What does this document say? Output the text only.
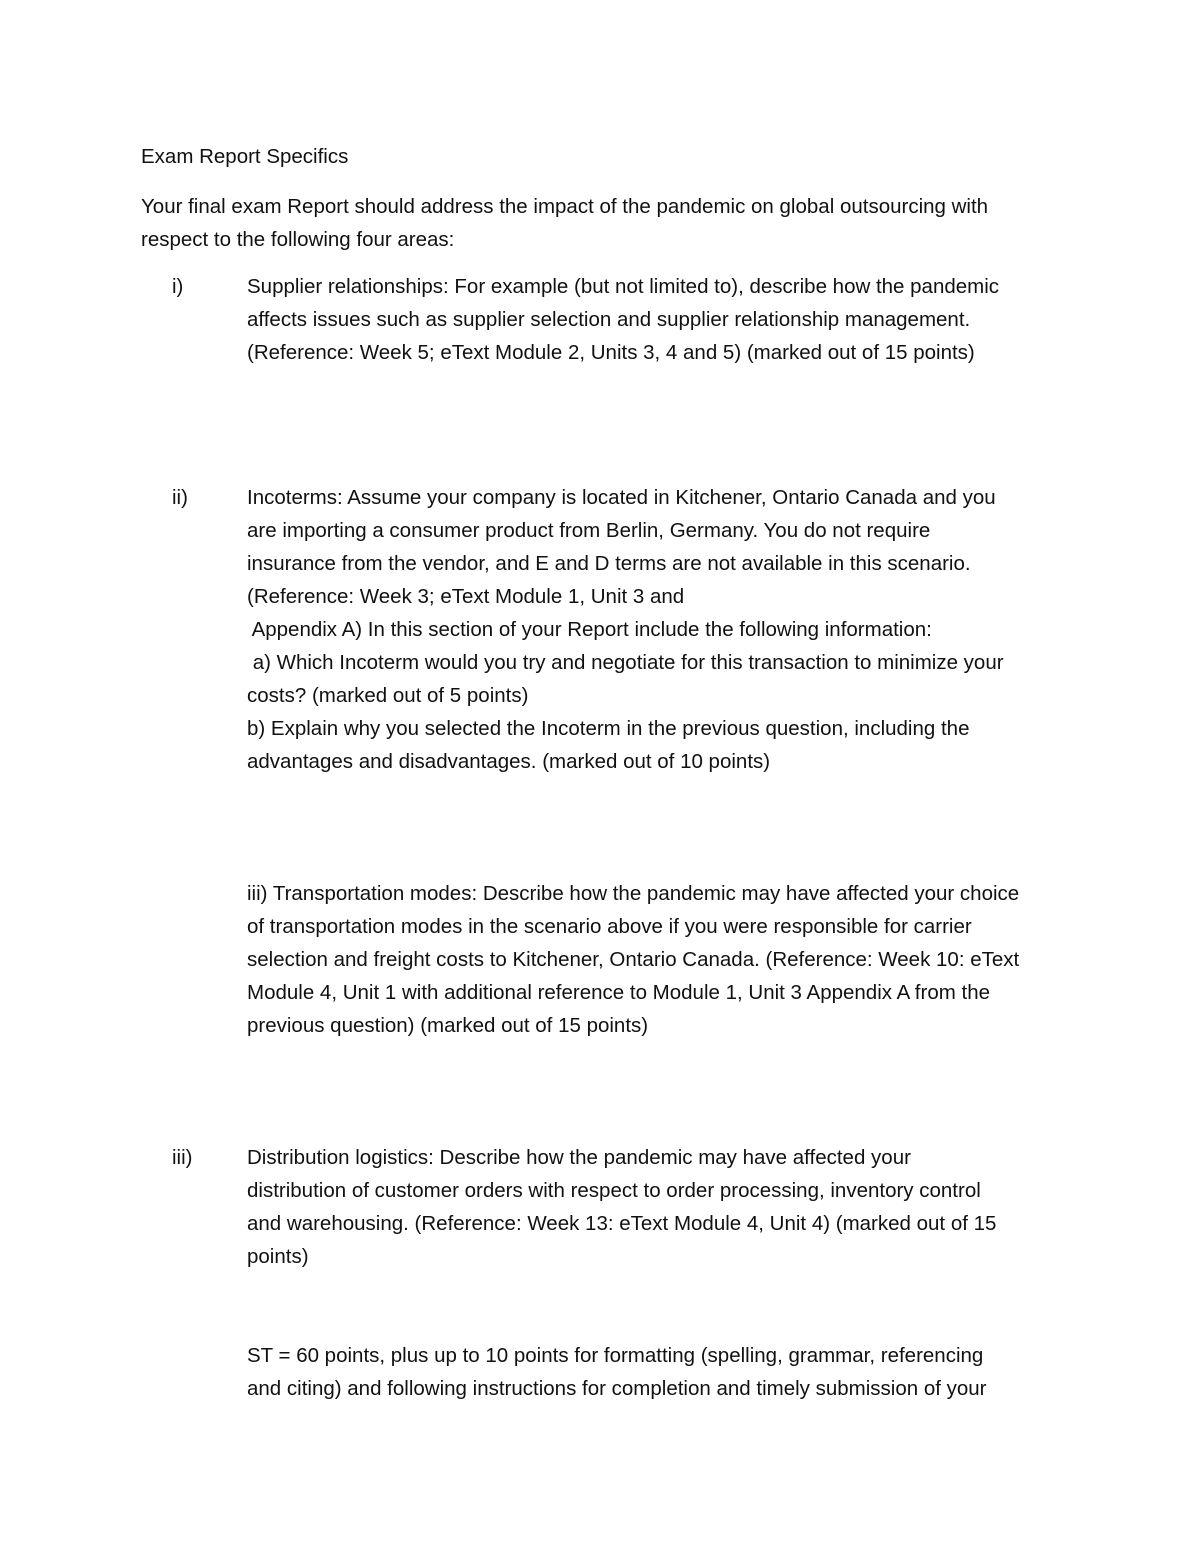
Exam Report Specifics

Your final exam Report should address the impact of the pandemic on global outsourcing with

respect to the following four areas:

i)	Supplier relationships: For example (but not limited to), describe how the pandemic

affects issues such as supplier selection and supplier relationship management.

(Reference: Week 5; eText Module 2, Units 3, 4 and 5) (marked out of 15 points)

ii)	Incoterms: Assume your company is located in Kitchener, Ontario Canada and you

are importing a consumer product from Berlin, Germany. You do not require

insurance from the vendor, and E and D terms are not available in this scenario.

(Reference: Week 3; eText Module 1, Unit 3 and

Appendix A) In this section of your Report include the following information:

a) Which Incoterm would you try and negotiate for this transaction to minimize your

costs? (marked out of 5 points)

b) Explain why you selected the Incoterm in the previous question, including the

advantages and disadvantages. (marked out of 10 points)

iii) Transportation modes: Describe how the pandemic may have affected your choice

of transportation modes in the scenario above if you were responsible for carrier

selection and freight costs to Kitchener, Ontario Canada. (Reference: Week 10: eText

Module 4, Unit 1 with additional reference to Module 1, Unit 3 Appendix A from the

previous question) (marked out of 15 points)

iii)	Distribution logistics: Describe how the pandemic may have affected your

distribution of customer orders with respect to order processing, inventory control

and warehousing. (Reference: Week 13: eText Module 4, Unit 4) (marked out of 15

points)

ST = 60 points, plus up to 10 points for formatting (spelling, grammar, referencing

and citing) and following instructions for completion and timely submission of your
